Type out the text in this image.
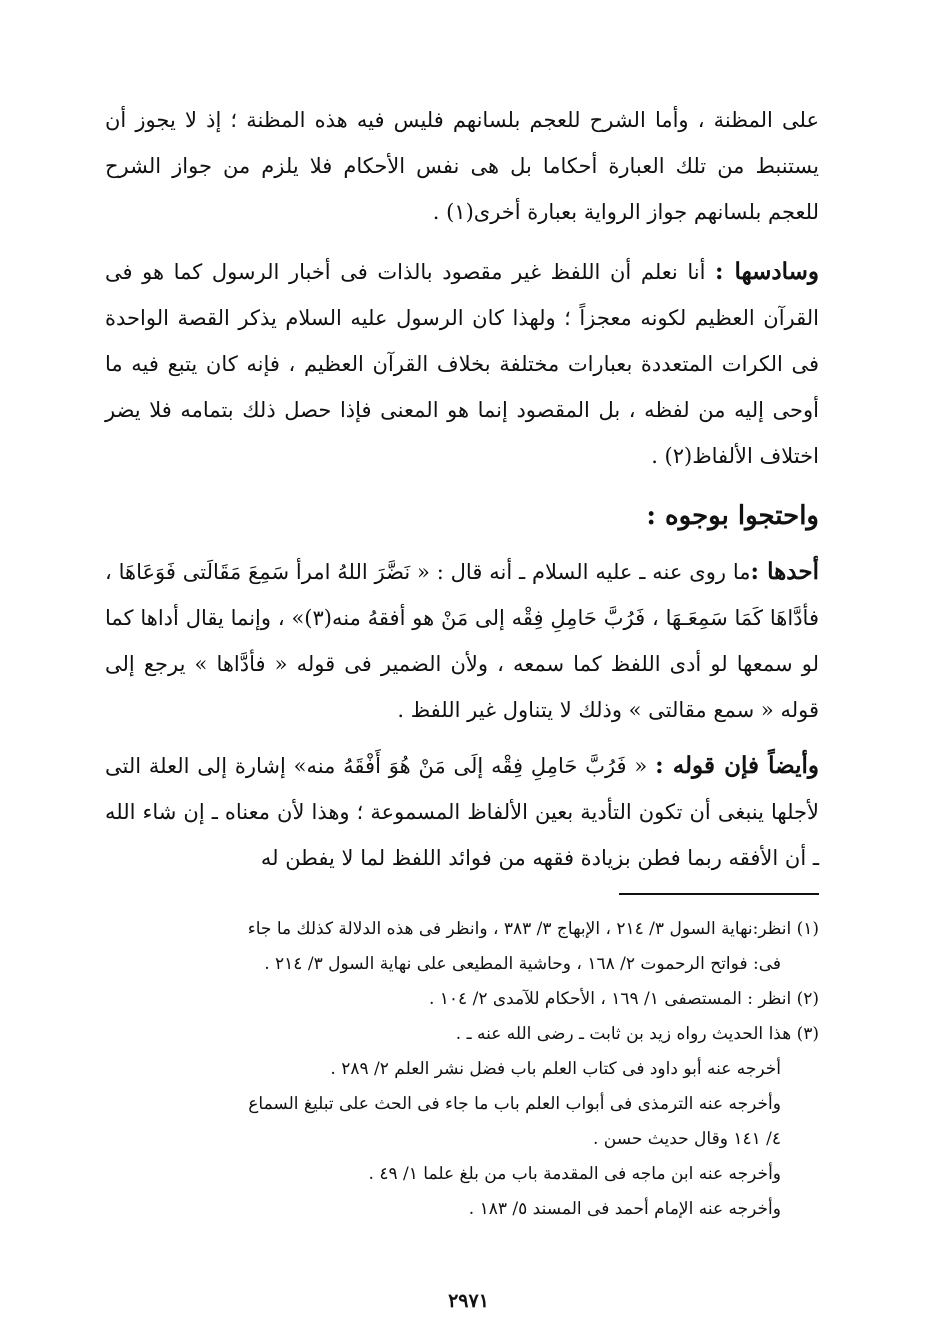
على المظنة ، وأما الشرح للعجم بلسانهم فليس فيه هذه المظنة ؛ إذ لا يجوز أن يستنبط من تلك العبارة أحكاما بل هى نفس الأحكام فلا يلزم من جواز الشرح للعجم بلسانهم جواز الرواية بعبارة أخرى(١) .

وسادسها : أنا نعلم أن اللفظ غير مقصود بالذات فى أخبار الرسول كما هو فى القرآن العظيم لكونه معجزاً ؛ ولهذا كان الرسول عليه السلام يذكر القصة الواحدة فى الكرات المتعددة بعبارات مختلفة بخلاف القرآن العظيم ، فإنه كان يتبع فيه ما أوحى إليه من لفظه ، بل المقصود إنما هو المعنى فإذا حصل ذلك بتمامه فلا يضر اختلاف الألفاظ(٢) .

واحتجوا بوجوه :

أحدها :ما روى عنه ـ عليه السلام ـ أنه قال : « نَضَّرَ اللهُ امرأ سَمِعَ مَقَالَتى فَوَعَاهَا ، فأدَّاهَا كَمَا سَمِعَـهَا ، فَرُبَّ حَامِلِ فِقْه إلى مَنْ هو أفقهُ منه(٣)» ، وإنما يقال أداها كما لو سمعها لو أدى اللفظ كما سمعه ، ولأن الضمير فى قوله « فأدَّاها » يرجع إلى قوله « سمع مقالتى » وذلك لا يتناول غير اللفظ .

وأيضاً فإن قوله : « فَرُبَّ حَامِلِ فِقْه إلَى مَنْ هُوَ أَفْقَهُ منه» إشارة إلى العلة التى لأجلها ينبغى أن تكون التأدية بعين الألفاظ المسموعة ؛ وهذا لأن معناه ـ إن شاء الله ـ أن الأفقه ربما فطن بزيادة فقهه من فوائد اللفظ لما لا يفطن له

(١) انظر:نهاية السول ٣/ ٢١٤ ، الإبهاج ٣/ ٣٨٣ ، وانظر فى هذه الدلالة كذلك ما جاء

فى: فواتح الرحموت ٢/ ١٦٨ ، وحاشية المطيعى على نهاية السول ٣/ ٢١٤ .

(٢) انظر : المستصفى ١/ ١٦٩ ، الأحكام للآمدى ٢/ ١٠٤ .

(٣) هذا الحديث رواه زيد بن ثابت ـ رضى الله عنه ـ .

أخرجه عنه أبو داود فى كتاب العلم باب فضل نشر العلم ٢/ ٢٨٩ .

وأخرجه عنه الترمذى فى أبواب العلم باب ما جاء فى الحث على تبليغ السماع

٤/ ١٤١ وقال حديث حسن .

وأخرجه عنه ابن ماجه فى المقدمة باب من بلغ علما ١/ ٤٩ .

وأخرجه عنه الإمام أحمد فى المسند ٥/ ١٨٣ .

٢٩٧١
